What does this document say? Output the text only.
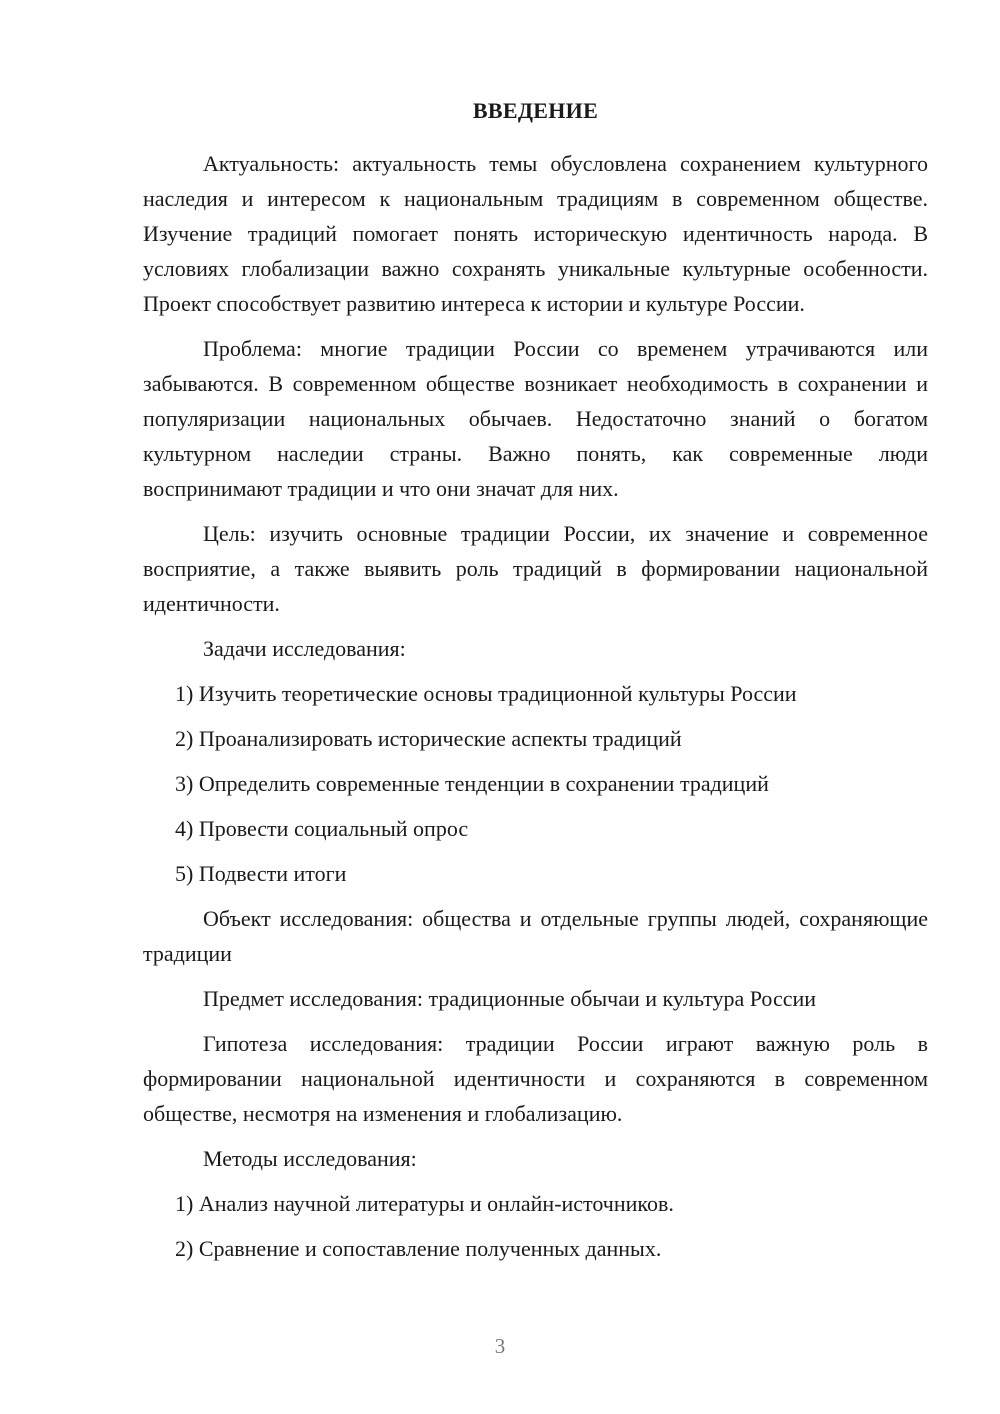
ВВЕДЕНИЕ

Актуальность: актуальность темы обусловлена сохранением культурного наследия и интересом к национальным традициям в современном обществе. Изучение традиций помогает понять историческую идентичность народа. В условиях глобализации важно сохранять уникальные культурные особенности. Проект способствует развитию интереса к истории и культуре России.

Проблема: многие традиции России со временем утрачиваются или забываются. В современном обществе возникает необходимость в сохранении и популяризации национальных обычаев. Недостаточно знаний о богатом культурном наследии страны. Важно понять, как современные люди воспринимают традиции и что они значат для них.

Цель: изучить основные традиции России, их значение и современное восприятие, а также выявить роль традиций в формировании национальной идентичности.

Задачи исследования:

1) Изучить теоретические основы традиционной культуры России

2) Проанализировать исторические аспекты традиций

3) Определить современные тенденции в сохранении традиций

4) Провести социальный опрос

5) Подвести итоги

Объект исследования: общества и отдельные группы людей, сохраняющие традиции

Предмет исследования: традиционные обычаи и культура России

Гипотеза исследования: традиции России играют важную роль в формировании национальной идентичности и сохраняются в современном обществе, несмотря на изменения и глобализацию.

Методы исследования:

1) Анализ научной литературы и онлайн-источников.

2) Сравнение и сопоставление полученных данных.

3
